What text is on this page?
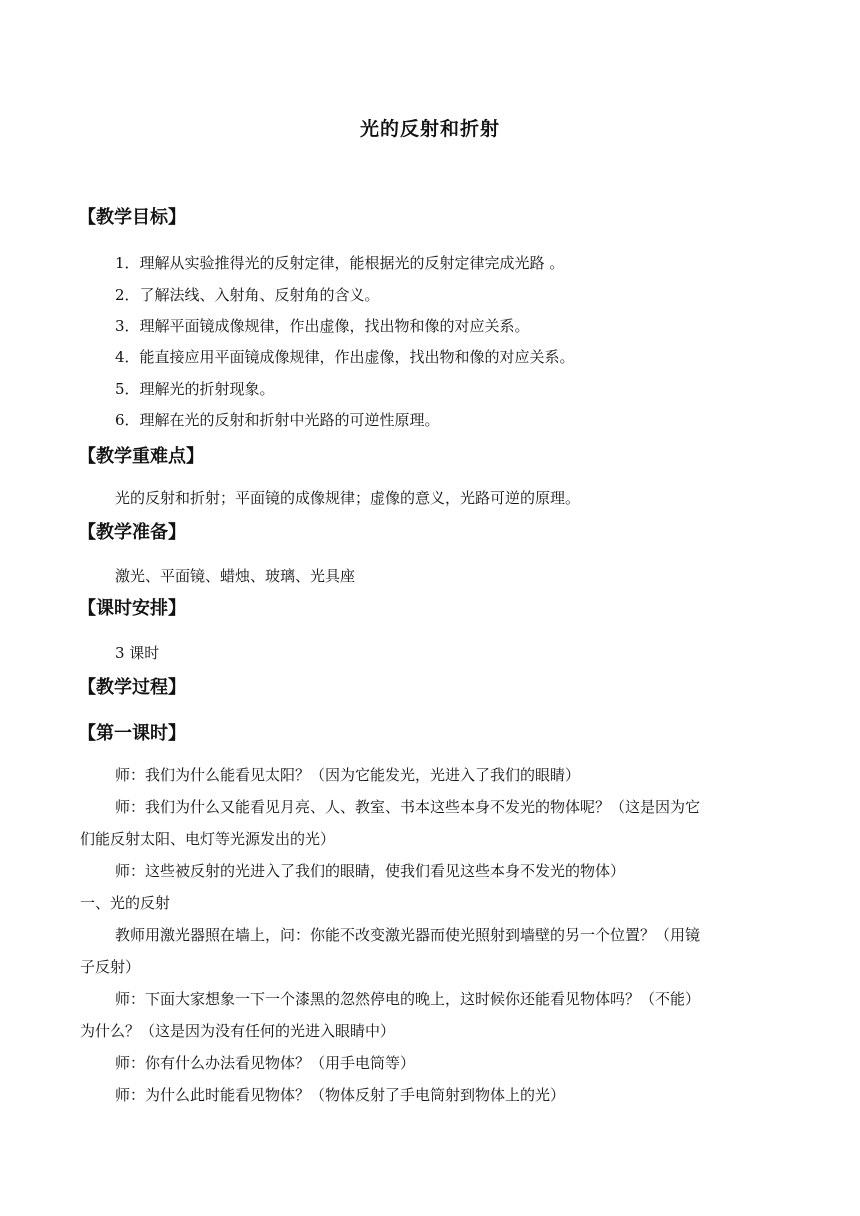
光的反射和折射
【教学目标】
1．理解从实验推得光的反射定律，能根据光的反射定律完成光路 。
2．了解法线、入射角、反射角的含义。
3．理解平面镜成像规律，作出虚像，找出物和像的对应关系。
4．能直接应用平面镜成像规律，作出虚像，找出物和像的对应关系。
5．理解光的折射现象。
6．理解在光的反射和折射中光路的可逆性原理。
【教学重难点】
光的反射和折射；平面镜的成像规律；虚像的意义，光路可逆的原理。
【教学准备】
激光、平面镜、蜡烛、玻璃、光具座
【课时安排】
3 课时
【教学过程】
【第一课时】
师：我们为什么能看见太阳？（因为它能发光，光进入了我们的眼睛）
师：我们为什么又能看见月亮、人、教室、书本这些本身不发光的物体呢？（这是因为它
们能反射太阳、电灯等光源发出的光）
师：这些被反射的光进入了我们的眼睛，使我们看见这些本身不发光的物体）
一、光的反射
教师用激光器照在墙上，问：你能不改变激光器而使光照射到墙壁的另一个位置？（用镜
子反射）
师：下面大家想象一下一个漆黑的忽然停电的晚上，这时候你还能看见物体吗？（不能）
为什么？（这是因为没有任何的光进入眼睛中）
师：你有什么办法看见物体？（用手电筒等）
师：为什么此时能看见物体？（物体反射了手电筒射到物体上的光）
